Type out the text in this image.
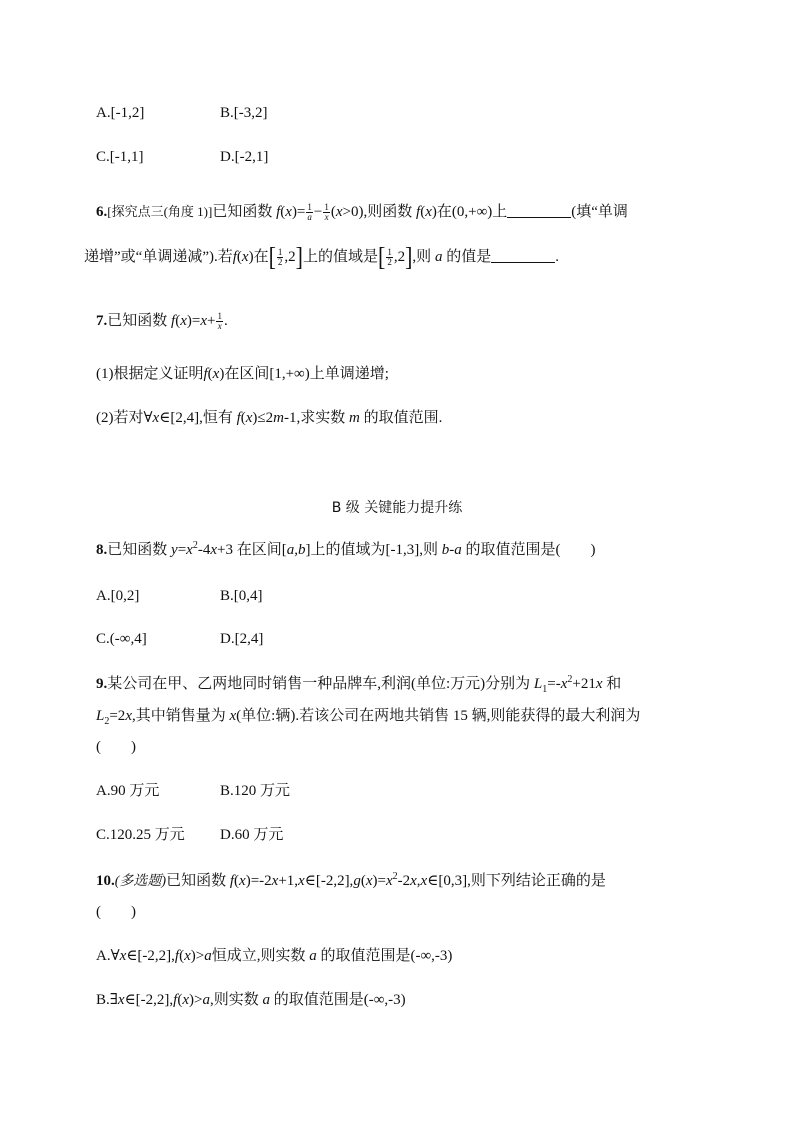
A.[-1,2]	B.[-3,2]
C.[-1,1]	D.[-2,1]
6.[探究点三(角度 1)]已知函数 $f(x)= \frac{1}{a} - \frac{1}{x} (x>0)$,则函数 f(x)在(0,+∞)上	(填“单调
递增”或“单调递减”).若f(x)在[ $\frac{1}{2} ,2$]上的值域是[ $\frac{1}{2} ,2$],则 a 的值是	.
7.已知函数 $f(x)=x+ \frac{1}{x}$ .
(1)根据定义证明f(x)在区间[1,+∞)上单调递增;
(2)若对∀x∈[2,4],恒有 f(x)≤2m-1,求实数 m 的取值范围.
B 级 关键能力提升练
8.已知函数 $y=x^2-4x+3$ 在区间[a,b]上的值域为[-1,3],则 b-a 的取值范围是(　　)
A.[0,2]	B.[0,4]
C.(-∞,4]	D.[2,4]
9.某公司在甲、乙两地同时销售一种品牌车,利润(单位:万元)分别为 $L_1=-x^2+21x$ 和
$L_2=2x$,其中销售量为 x(单位:辆).若该公司在两地共销售 15 辆,则能获得的最大利润为
(　　)
A.90 万元	B.120 万元
C.120.25 万元 D.60 万元
10.(多选题)已知函数 $f(x)=-2x+1,x\in[-2,2],g(x)=x^2-2x,x\in[0,3]$,则下列结论正确的是
(　　)
A.∀x∈[-2,2],f(x)>a恒成立,则实数 a 的取值范围是(-∞,-3)
B.∃x∈[-2,2],f(x)>a,则实数 a 的取值范围是(-∞,-3)
